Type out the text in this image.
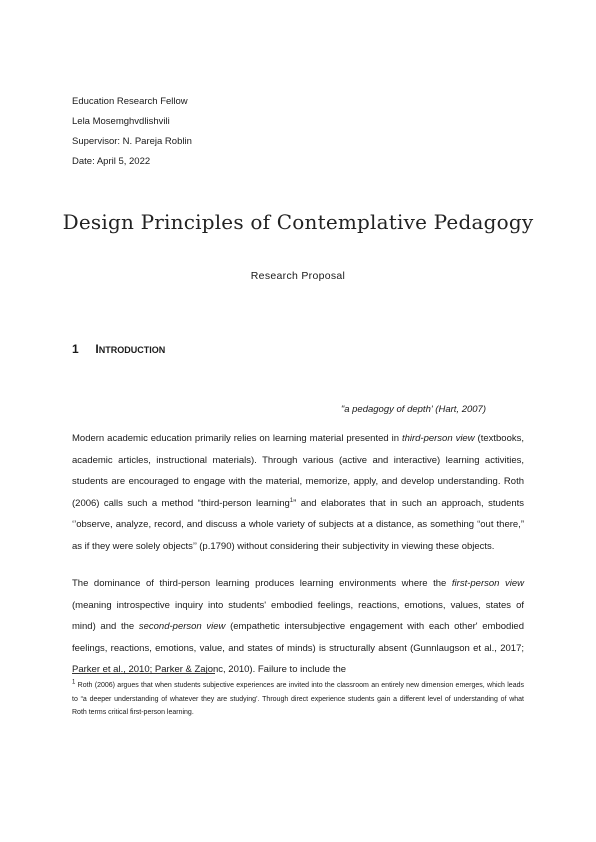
Education Research Fellow
Lela Mosemghvdlishvili
Supervisor: N. Pareja Roblin
Date: April 5, 2022
Design Principles of Contemplative Pedagogy
Research Proposal
1 INTRODUCTION
"a pedagogy of depth' (Hart, 2007)
Modern academic education primarily relies on learning material presented in third-person view (textbooks, academic articles, instructional materials). Through various (active and interactive) learning activities, students are encouraged to engage with the material, memorize, apply, and develop understanding. Roth (2006) calls such a method “third-person learning$^1$” and elaborates that in such an approach, students ‘’observe, analyze, record, and discuss a whole variety of subjects at a distance, as something “out there,” as if they were solely objects’’ (p.1790) without considering their subjectivity in viewing these objects.
The dominance of third-person learning produces learning environments where the first-person view (meaning introspective inquiry into students' embodied feelings, reactions, emotions, values, states of mind) and the second-person view (empathetic intersubjective engagement with each other' embodied feelings, reactions, emotions, value, and states of minds) is structurally absent (Gunnlaugson et al., 2017; Parker et al., 2010; Parker & Zajonc, 2010). Failure to include the
$^1$ Roth (2006) argues that when students subjective experiences are invited into the classroom an entirely new dimension emerges, which leads to “a deeper understanding of whatever they are studying’. Through direct experience students gain a different level of understanding of what Roth terms critical first-person learning.
